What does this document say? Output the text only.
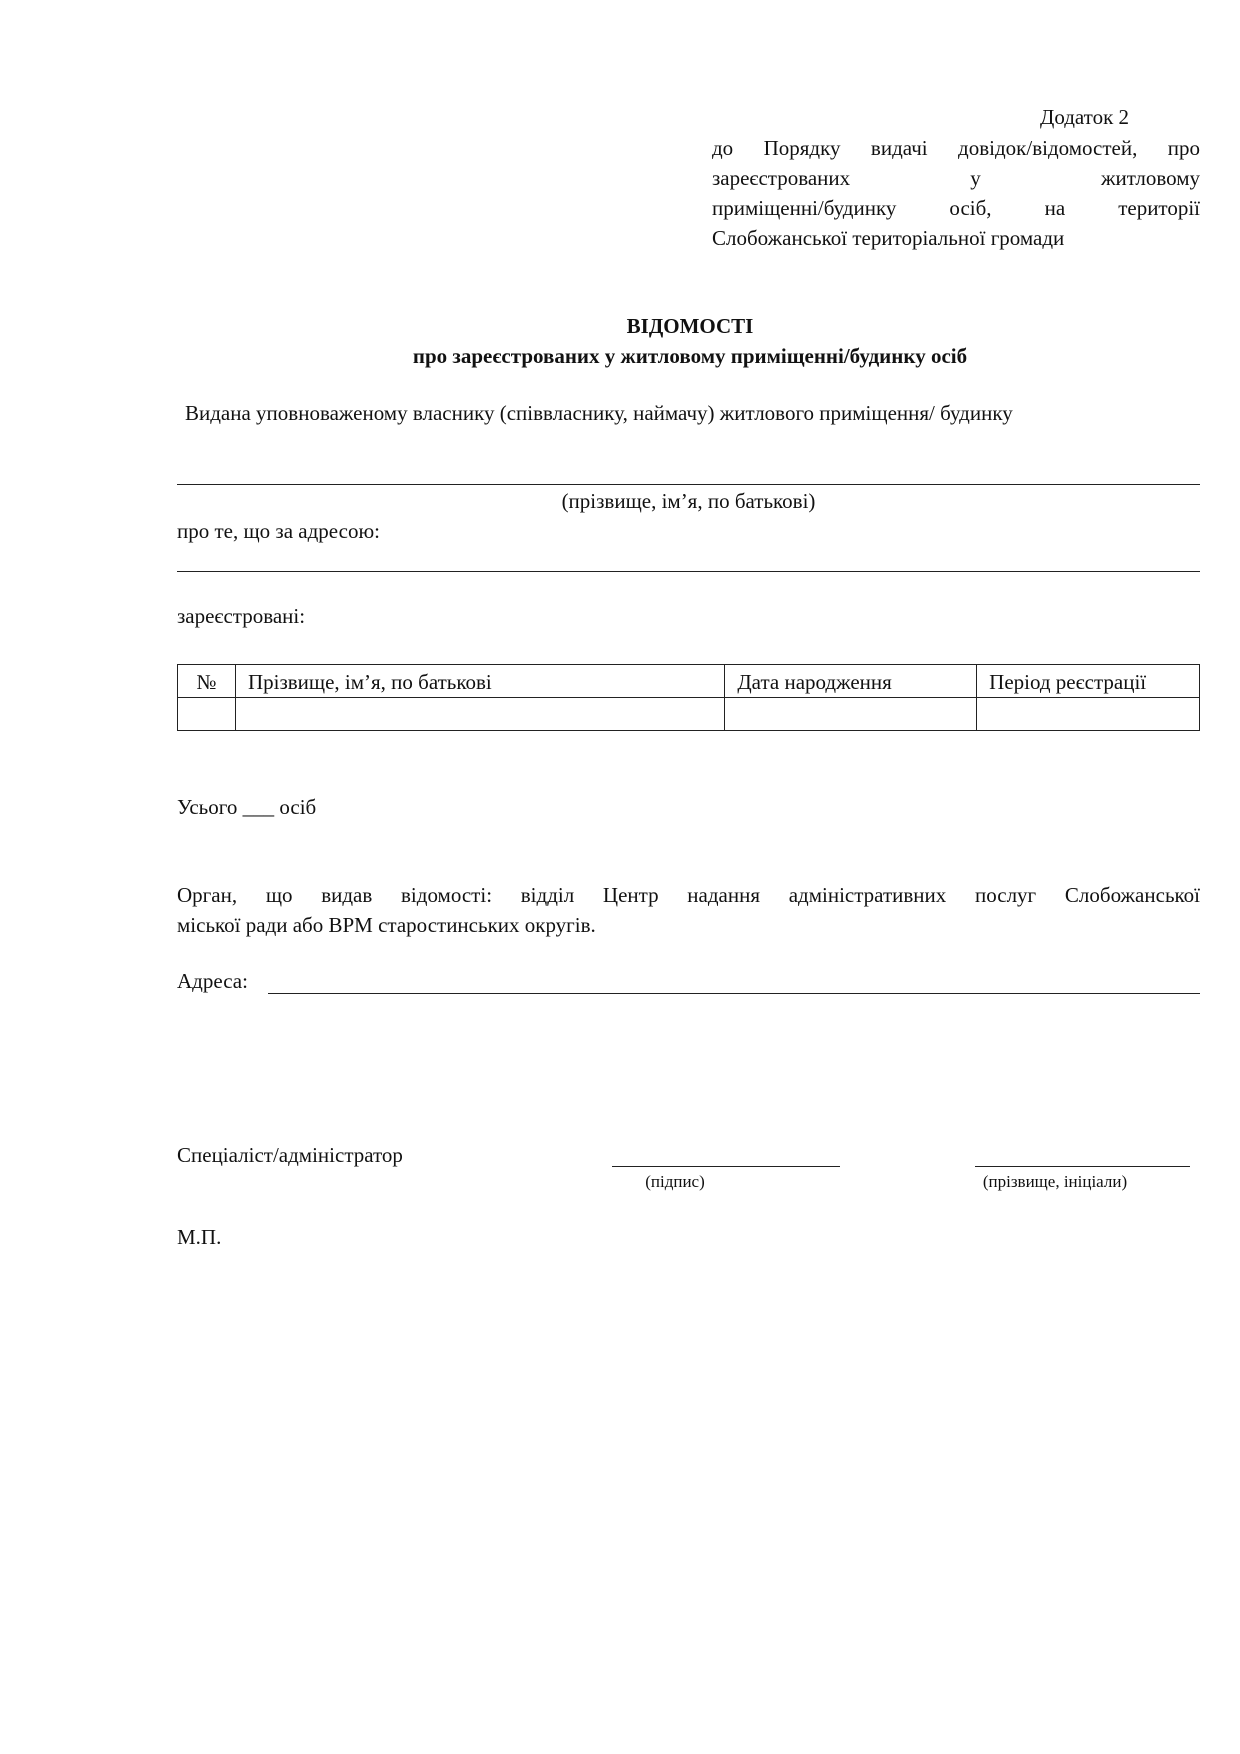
Додаток 2
до Порядку видачі довідок/відомостей, про
зареєстрованих у житловому
приміщенні/будинку осіб, на території
Слобожанської територіальної громади
ВІДОМОСТІ
про зареєстрованих у житловому приміщенні/будинку осіб
Видана уповноваженому власнику (співвласнику, наймачу) житлового приміщення/ будинку
(прізвище, ім’я, по батькові)
про те, що за адресою:
зареєстровані:
№	Прізвище, ім’я, по батькові	Дата народження	Період реєстрації

Усього ___ осіб
Орган, що видав відомості: відділ Центр надання адміністративних послуг Слобожанської
міської ради або ВРМ старостинських округів.
Адреса:
Спеціаліст/адміністратор
(підпис)	(прізвище, ініціали)
М.П.
